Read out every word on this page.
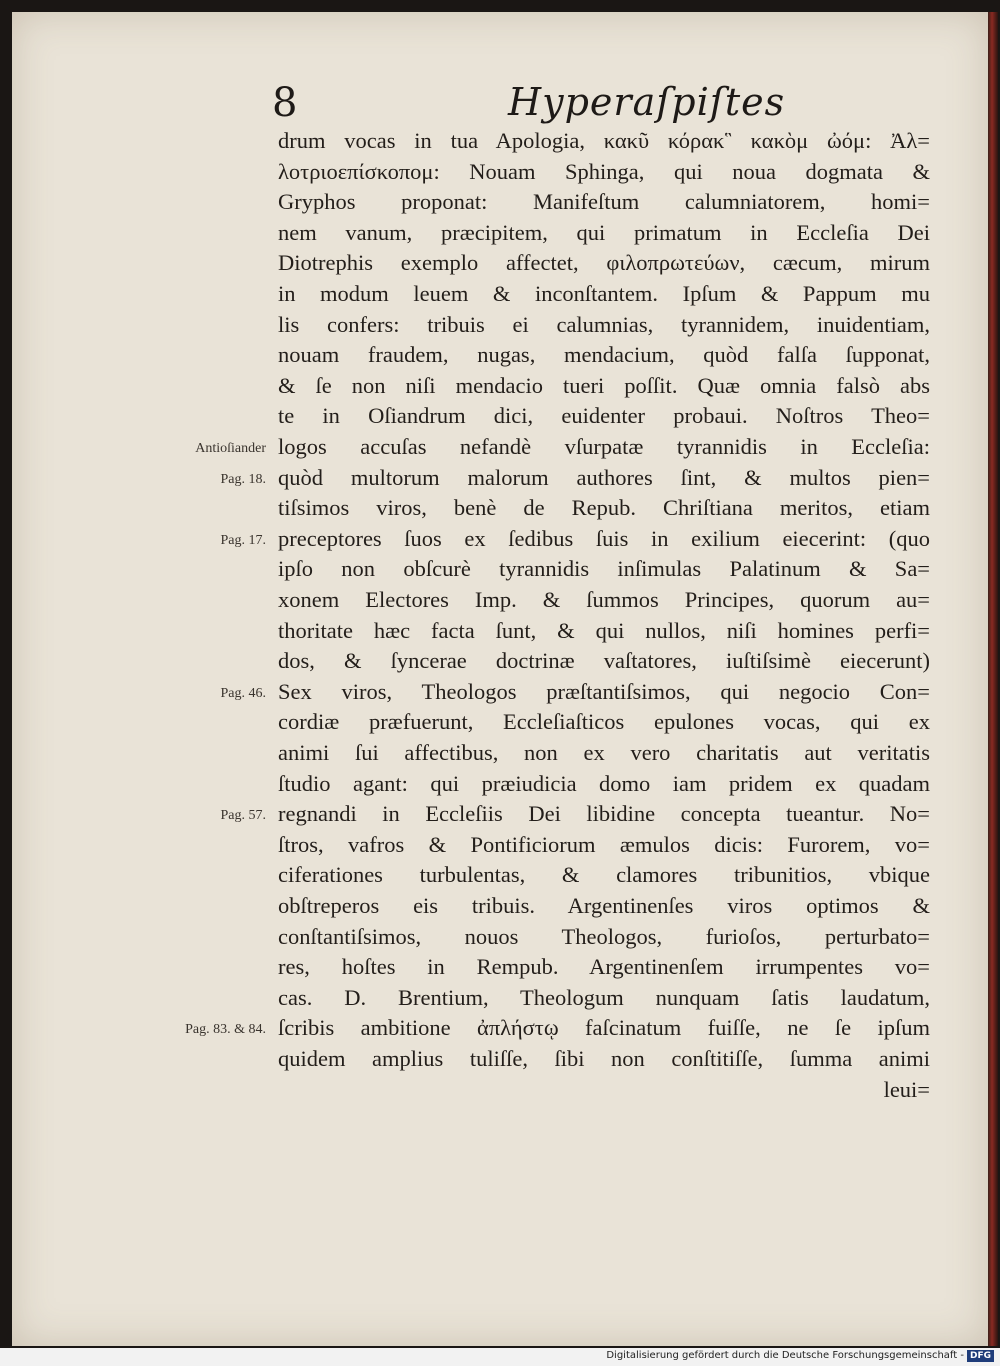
8	Hyperaſpiſtes
drum vocas in tua Apologia, κακῦ κόρακ῝ κακὸμ ὠόμ: Ἀλ=
λοτριοεπίσκοπομ: Nouam Sphinga, qui noua dogmata &
Gryphos proponat: Manifeſtum calumniatorem, homi=
nem vanum, præcipitem, qui primatum in Eccleſia Dei
Diotrephis exemplo affectet, φιλοπρωτεύων, cæcum, mirum
in modum leuem & inconſtantem. Ipſum & Pappum mu
lis confers: tribuis ei calumnias, tyrannidem, inuidentiam,
nouam fraudem, nugas, mendacium, quòd falſa ſupponat,
& ſe non niſi mendacio tueri poſſit. Quæ omnia falsò abs
te in Oſiandrum dici, euidenter probaui. Noſtros Theo=
logos accuſas nefandè vſurpatæ tyrannidis in Eccleſia:
quòd multorum malorum authores ſint, & multos pien=
tiſsimos viros, benè de Repub. Chriſtiana meritos, etiam
preceptores ſuos ex ſedibus ſuis in exilium eiecerint: (quo
ipſo non obſcurè tyrannidis inſimulas Palatinum & Sa=
xonem Electores Imp. & ſummos Principes, quorum au=
thoritate hæc facta ſunt, & qui nullos, niſi homines perfi=
dos, & ſyncerae doctrinæ vaſtatores, iuſtiſsimè eiecerunt)
Sex viros, Theologos præſtantiſsimos, qui negocio Con=
cordiæ præfuerunt, Eccleſiaſticos epulones vocas, qui ex
animi ſui affectibus, non ex vero charitatis aut veritatis
ſtudio agant: qui præiudicia domo iam pridem ex quadam
regnandi in Eccleſiis Dei libidine concepta tueantur. No=
ſtros, vafros & Pontificiorum æmulos dicis: Furorem, vo=
ciferationes turbulentas, & clamores tribunitios, vbique
obſtreperos eis tribuis. Argentinenſes viros optimos &
conſtantiſsimos, nouos Theologos, furioſos, perturbato=
res, hoſtes in Rempub. Argentinenſem irrumpentes vo=
cas. D. Brentium, Theologum nunquam ſatis laudatum,
ſcribis ambitione ἀπλήστῳ faſcinatum fuiſſe, ne ſe ipſum
quidem amplius tuliſſe, ſibi non conſtitiſſe, ſumma animi
leui=
Antioſiander
Pag. 18.
Pag. 17.
Pag. 46.
Pag. 57.
Pag. 83. & 84.
Digitalisierung gefördert durch die Deutsche Forschungsgemeinschaft - DFG
